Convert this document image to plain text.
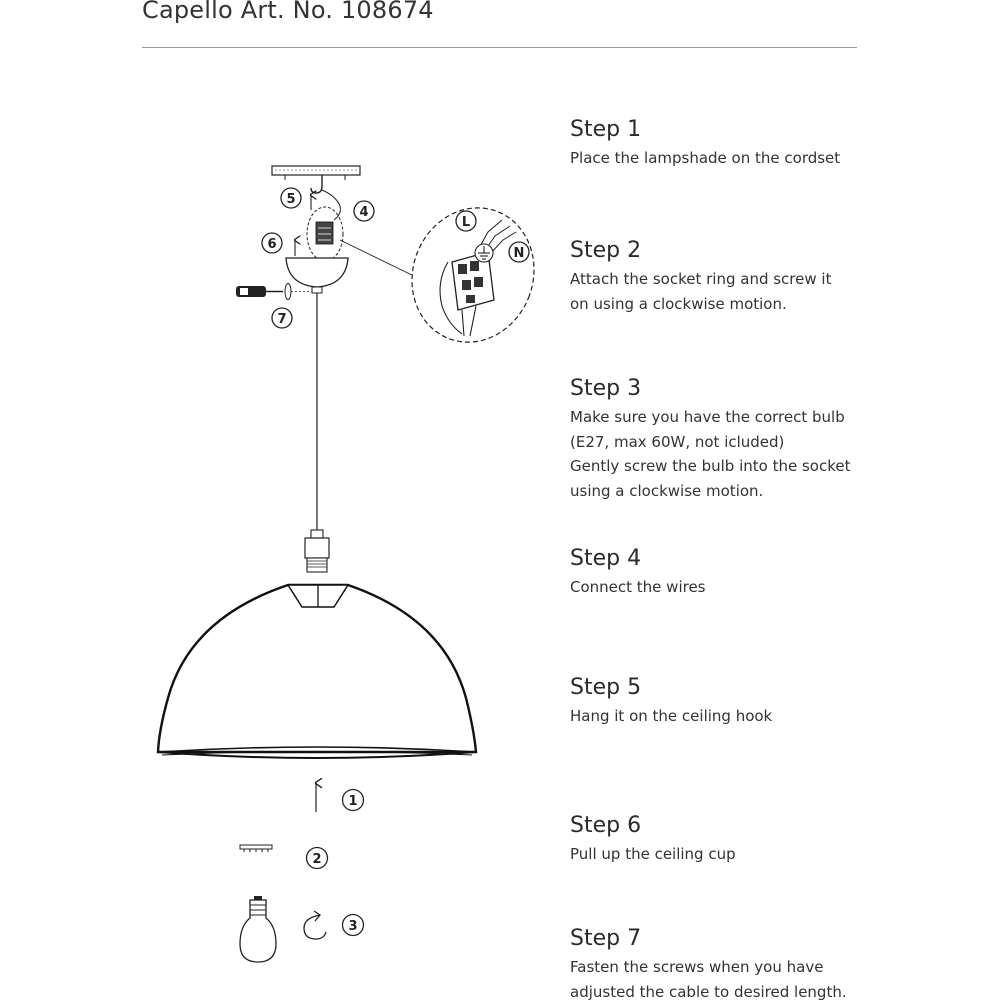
Capello Art. No. 108674
Step 1

Place the lampshade on the cordset

Step 2

Attach the socket ring and screw it
on using a clockwise motion.

Step 3

Make sure you have the correct bulb
(E27, max 60W, not icluded)
Gently screw the bulb into the socket
using a clockwise motion.

Step 4

Connect the wires

Step 5

Hang it on the ceiling hook

Step 6

Pull up the ceiling cup

Step 7

Fasten the screws when you have
adjusted the cable to desired length.

5
4
6
L
N
7
1
2
3
